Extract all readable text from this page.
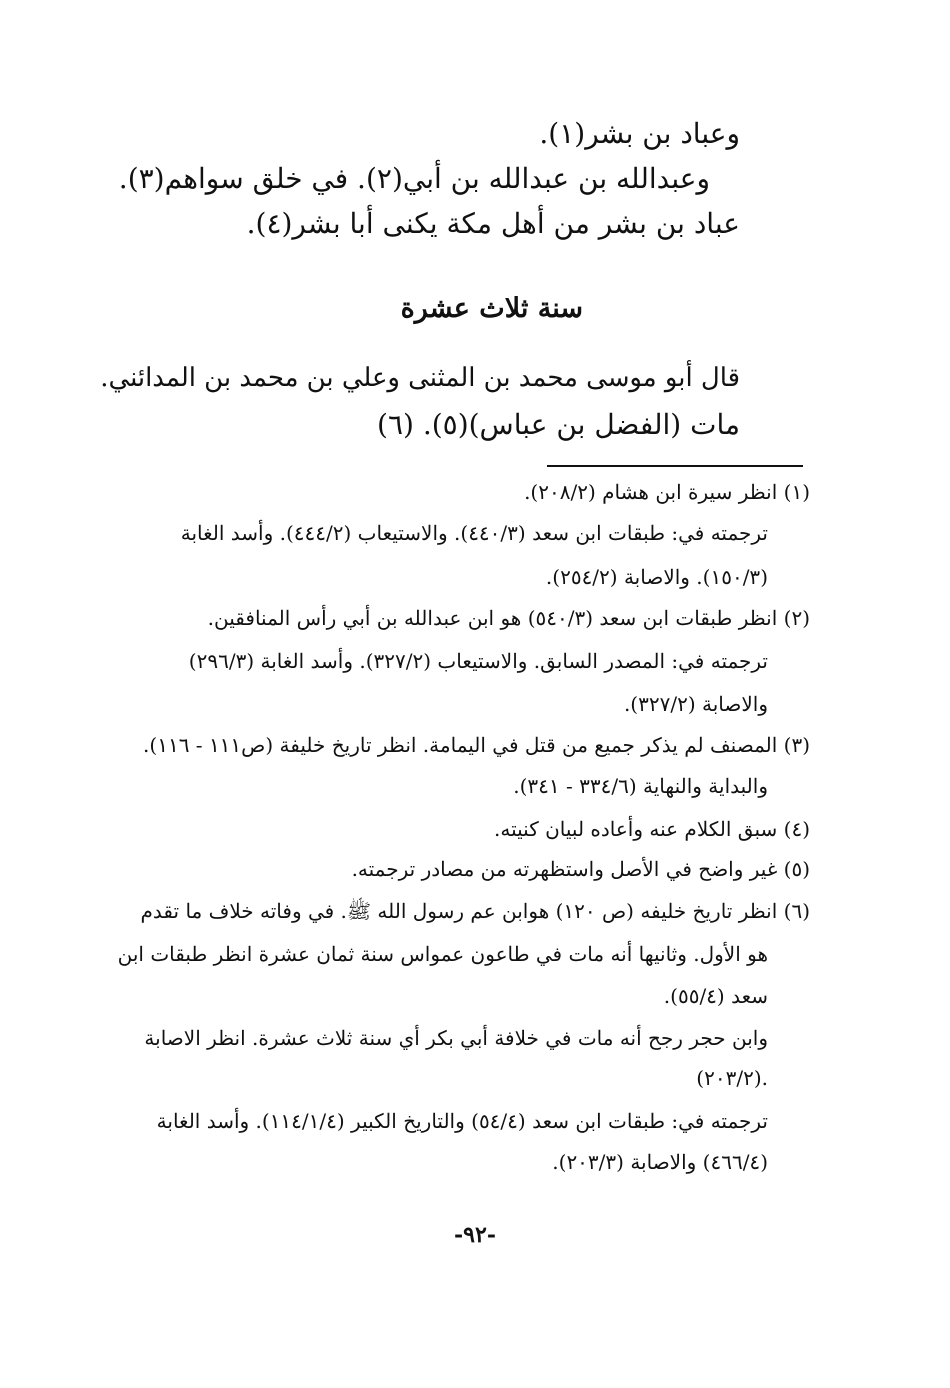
وعباد بن بشر(١).
وعبدالله بن عبدالله بن أبي(٢). في خلق سواهم(٣).
عباد بن بشر من أهل مكة يكنى أبا بشر(٤).
سنة ثلاث عشرة
قال أبو موسى محمد بن المثنى وعلي بن محمد بن المدائني.
مات (الفضل بن عباس)(٥). (٦)
(١) انظر سيرة ابن هشام (٢٠٨/٢).
ترجمته في: طبقات ابن سعد (٤٤٠/٣). والاستيعاب (٤٤٤/٢). وأسد الغابة
(١٥٠/٣). والاصابة (٢٥٤/٢).
(٢) انظر طبقات ابن سعد (٥٤٠/٣) هو ابن عبدالله بن أبي رأس المنافقين.
ترجمته في: المصدر السابق. والاستيعاب (٣٢٧/٢). وأسد الغابة (٢٩٦/٣)
والاصابة (٣٢٧/٢).
(٣) المصنف لم يذكر جميع من قتل في اليمامة. انظر تاريخ خليفة (ص١١١ - ١١٦).
والبداية والنهاية (٣٣٤/٦ - ٣٤١).
(٤) سبق الكلام عنه وأعاده لبيان كنيته.
(٥) غير واضح في الأصل واستظهرته من مصادر ترجمته.
(٦) انظر تاريخ خليفه (ص ١٢٠) هوابن عم رسول الله ﷺ. في وفاته خلاف ما تقدم
هو الأول. وثانيها أنه مات في طاعون عمواس سنة ثمان عشرة انظر طبقات ابن
سعد (٥٥/٤).
وابن حجر رجح أنه مات في خلافة أبي بكر أي سنة ثلاث عشرة. انظر الاصابة
(٢٠٣/٢).
ترجمته في: طبقات ابن سعد (٥٤/٤) والتاريخ الكبير (١١٤/١/٤). وأسد الغابة
(٤٦٦/٤) والاصابة (٢٠٣/٣).
-٩٢-
